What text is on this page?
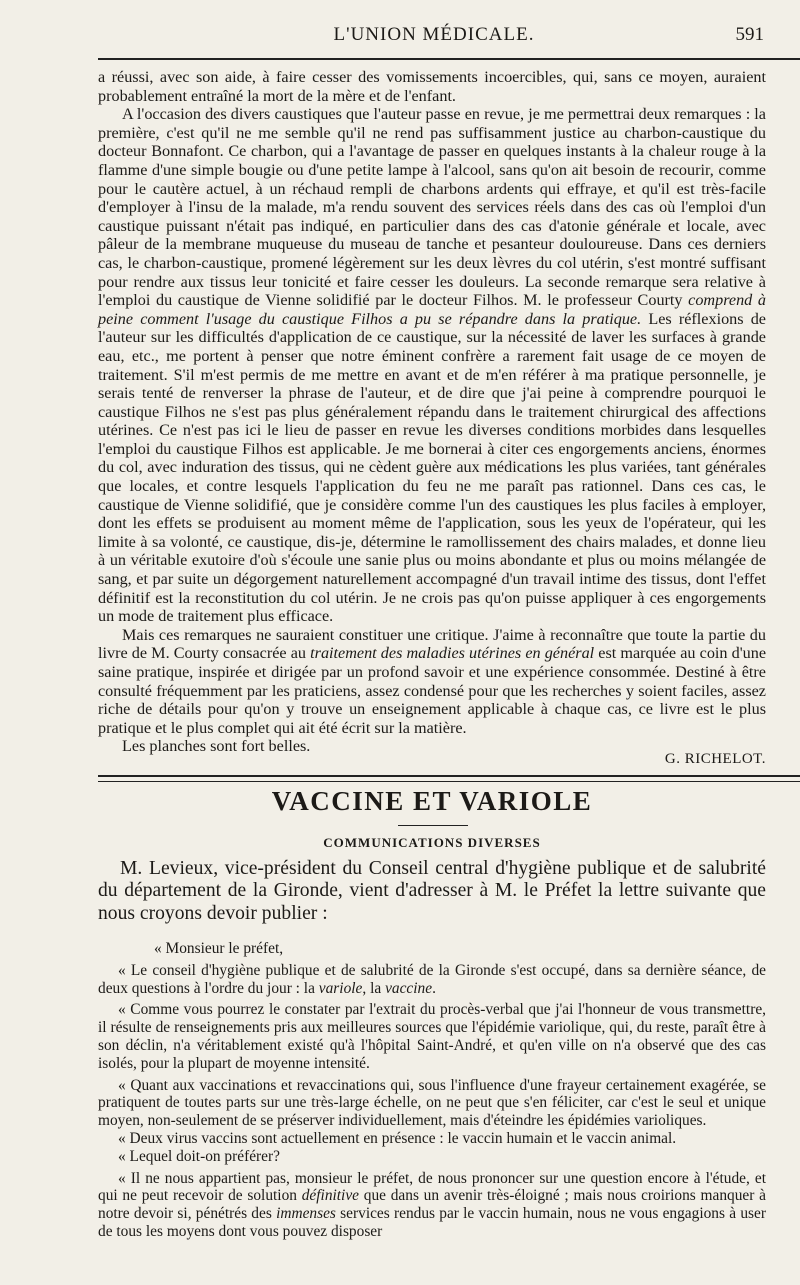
L'UNION MÉDICALE.	591

a réussi, avec son aide, à faire cesser des vomissements incoercibles, qui, sans ce moyen, auraient probablement entraîné la mort de la mère et de l'enfant.

A l'occasion des divers caustiques que l'auteur passe en revue, je me permettrai deux remarques : la première, c'est qu'il ne me semble qu'il ne rend pas suffisamment justice au charbon-caustique du docteur Bonnafont. Ce charbon, qui a l'avantage de passer en quelques instants à la chaleur rouge à la flamme d'une simple bougie ou d'une petite lampe à l'alcool, sans qu'on ait besoin de recourir, comme pour le cautère actuel, à un réchaud rempli de charbons ardents qui effraye, et qu'il est très-facile d'employer à l'insu de la malade, m'a rendu souvent des services réels dans des cas où l'emploi d'un caustique puissant n'était pas indiqué, en particulier dans des cas d'atonie générale et locale, avec pâleur de la membrane muqueuse du museau de tanche et pesanteur douloureuse. Dans ces derniers cas, le charbon-caustique, promené légèrement sur les deux lèvres du col utérin, s'est montré suffisant pour rendre aux tissus leur tonicité et faire cesser les douleurs. La seconde remarque sera relative à l'emploi du caustique de Vienne solidifié par le docteur Filhos. M. le professeur Courty comprend à peine comment l'usage du caustique Filhos a pu se répandre dans la pratique. Les réflexions de l'auteur sur les difficultés d'application de ce caustique, sur la nécessité de laver les surfaces à grande eau, etc., me portent à penser que notre éminent confrère a rarement fait usage de ce moyen de traitement. S'il m'est permis de me mettre en avant et de m'en référer à ma pratique personnelle, je serais tenté de renverser la phrase de l'auteur, et de dire que j'ai peine à comprendre pourquoi le caustique Filhos ne s'est pas plus généralement répandu dans le traitement chirurgical des affections utérines. Ce n'est pas ici le lieu de passer en revue les diverses conditions morbides dans lesquelles l'emploi du caustique Filhos est applicable. Je me bornerai à citer ces engorgements anciens, énormes du col, avec induration des tissus, qui ne cèdent guère aux médications les plus variées, tant générales que locales, et contre lesquels l'application du feu ne me paraît pas rationnel. Dans ces cas, le caustique de Vienne solidifié, que je considère comme l'un des caustiques les plus faciles à employer, dont les effets se produisent au moment même de l'application, sous les yeux de l'opérateur, qui les limite à sa volonté, ce caustique, dis-je, détermine le ramollissement des chairs malades, et donne lieu à un véritable exutoire d'où s'écoule une sanie plus ou moins abondante et plus ou moins mélangée de sang, et par suite un dégorgement naturellement accompagné d'un travail intime des tissus, dont l'effet définitif est la reconstitution du col utérin. Je ne crois pas qu'on puisse appliquer à ces engorgements un mode de traitement plus efficace.

Mais ces remarques ne sauraient constituer une critique. J'aime à reconnaître que toute la partie du livre de M. Courty consacrée au traitement des maladies utérines en général est marquée au coin d'une saine pratique, inspirée et dirigée par un profond savoir et une expérience consommée. Destiné à être consulté fréquemment par les praticiens, assez condensé pour que les recherches y soient faciles, assez riche de détails pour qu'on y trouve un enseignement applicable à chaque cas, ce livre est le plus pratique et le plus complet qui ait été écrit sur la matière.

Les planches sont fort belles.

G. RICHELOT.
VACCINE ET VARIOLE
COMMUNICATIONS DIVERSES

M. Levieux, vice-président du Conseil central d'hygiène publique et de salubrité du département de la Gironde, vient d'adresser à M. le Préfet la lettre suivante que nous croyons devoir publier :

« Monsieur le préfet,

« Le conseil d'hygiène publique et de salubrité de la Gironde s'est occupé, dans sa dernière séance, de deux questions à l'ordre du jour : la variole, la vaccine.

« Comme vous pourrez le constater par l'extrait du procès-verbal que j'ai l'honneur de vous transmettre, il résulte de renseignements pris aux meilleures sources que l'épidémie variolique, qui, du reste, paraît être à son déclin, n'a véritablement existé qu'à l'hôpital Saint-André, et qu'en ville on n'a observé que des cas isolés, pour la plupart de moyenne intensité.

« Quant aux vaccinations et revaccinations qui, sous l'influence d'une frayeur certainement exagérée, se pratiquent de toutes parts sur une très-large échelle, on ne peut que s'en féliciter, car c'est le seul et unique moyen, non-seulement de se préserver individuellement, mais d'éteindre les épidémies varioliques.

« Deux virus vaccins sont actuellement en présence : le vaccin humain et le vaccin animal.

« Lequel doit-on préférer?

« Il ne nous appartient pas, monsieur le préfet, de nous prononcer sur une question encore à l'étude, et qui ne peut recevoir de solution définitive que dans un avenir très-éloigné ; mais nous croirions manquer à notre devoir si, pénétrés des immenses services rendus par le vaccin humain, nous ne vous engagions à user de tous les moyens dont vous pouvez disposer
